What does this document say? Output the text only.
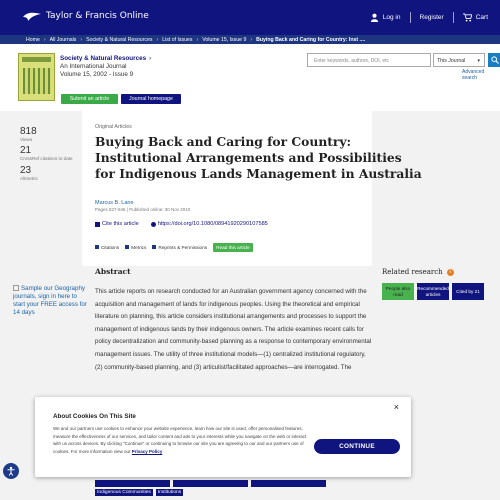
Taylor & Francis Online	Log in	Register	Cart
Home › All Journals › Society & Natural Resources › List of Issues › Volume 15, Issue 9 › Buying Back and Caring for Country: Inst ....
Society & Natural Resources ›
An International Journal
Volume 15, 2002 - Issue 9
Submit an article	Journal homepage
Enter keywords, authors, DOI, etc	This Journal ▾
Advanced search
818
Views
21
CrossRef citations to date
23
Altmetric
Original Articles
Buying Back and Caring for Country: Institutional Arrangements and Possibilities for Indigenous Lands Management in Australia
Marcus B. Lane
Pages 827-846 | Published online: 30 Nov 2010
Cite this article	https://doi.org/10.1080/08941920290107585
Citations	Metrics	Reprints & Permissions	Read this article
Abstract
This article reports on research conducted for an Australian government agency concerned with the acquisition and management of lands for indigenous peoples. Using the theoretical and empirical literature on planning, this article considers institutional arrangements and processes to support the management of indigenous lands by their indigenous owners. The article examines recent calls for policy decentralization and community-based planning as a response to contemporary environmental management issues. The utility of three institutional models—(1) centralized institutional regulatory, (2) community-based planning, and (3) articulist/facilitated approaches—are interrogated. The
Sample our Geography journals, sign in here to start your FREE access for 14 days
Related research	i
People also read
Recommended articles
Cited by 21
Indigenous Communities	Institutions
×
About Cookies On This Site

We and our partners use cookies to enhance your website experience, learn how our site is used, offer personalised features, measure the effectiveness of our services, and tailor content and ads to your interests while you navigate on the web or interact with us across devices. By clicking "Continue" or continuing to browse our site you are agreeing to our and our partners use of cookies. For more information view our Privacy Policy

CONTINUE
